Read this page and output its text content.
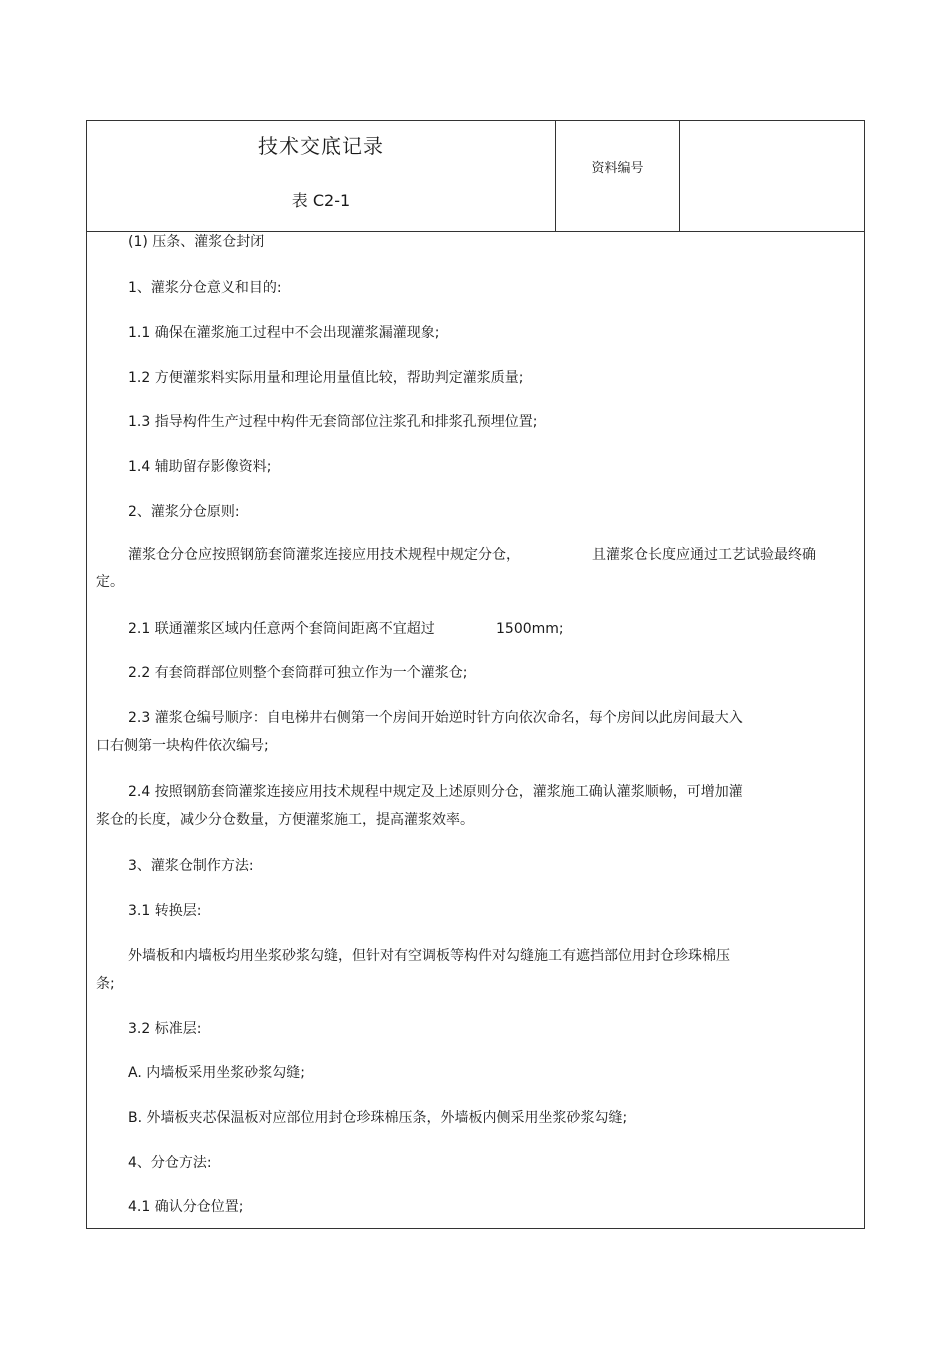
技术交底记录
表 C2-1
资料编号
(1) 压条、灌浆仓封闭
1、灌浆分仓意义和目的:
1.1 确保在灌浆施工过程中不会出现灌浆漏灌现象;
1.2 方便灌浆料实际用量和理论用量值比较，帮助判定灌浆质量;
1.3 指导构件生产过程中构件无套筒部位注浆孔和排浆孔预埋位置;
1.4 辅助留存影像资料;
2、灌浆分仓原则:
灌浆仓分仓应按照钢筋套筒灌浆连接应用技术规程中规定分仓，	且灌浆仓长度应通过工艺试验最终确
定。
2.1 联通灌浆区域内任意两个套筒间距离不宜超过	1500mm;
2.2 有套筒群部位则整个套筒群可独立作为一个灌浆仓;
2.3 灌浆仓编号顺序：自电梯井右侧第一个房间开始逆时针方向依次命名，每个房间以此房间最大入
口右侧第一块构件依次编号;
2.4 按照钢筋套筒灌浆连接应用技术规程中规定及上述原则分仓，灌浆施工确认灌浆顺畅，可增加灌
浆仓的长度，减少分仓数量，方便灌浆施工，提高灌浆效率。
3、灌浆仓制作方法:
3.1 转换层:
外墙板和内墙板均用坐浆砂浆勾缝，但针对有空调板等构件对勾缝施工有遮挡部位用封仓珍珠棉压
条;
3.2 标准层:
A. 内墙板采用坐浆砂浆勾缝;
B. 外墙板夹芯保温板对应部位用封仓珍珠棉压条，外墙板内侧采用坐浆砂浆勾缝;
4、分仓方法:
4.1 确认分仓位置;
